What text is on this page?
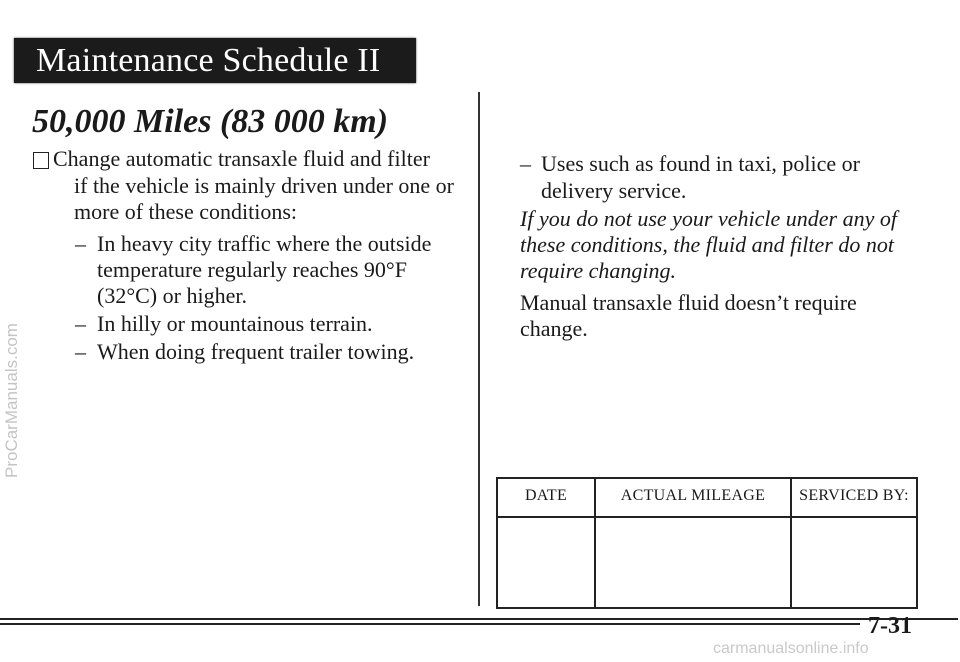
Maintenance Schedule II
50,000 Miles (83 000 km)
Change automatic transaxle fluid and filter
if the vehicle is mainly driven under one or
more of these conditions:
– In heavy city traffic where the outside
temperature regularly reaches 90°F
(32°C) or higher.
– In hilly or mountainous terrain.
– When doing frequent trailer towing.
– Uses such as found in taxi, police or
delivery service.
If you do not use your vehicle under any of
these conditions, the fluid and filter do not
require changing.
Manual transaxle fluid doesn’t require
change.
DATE	ACTUAL MILEAGE	SERVICED BY:
7-31
ProCarManuals.com
carmanualsonline.info
